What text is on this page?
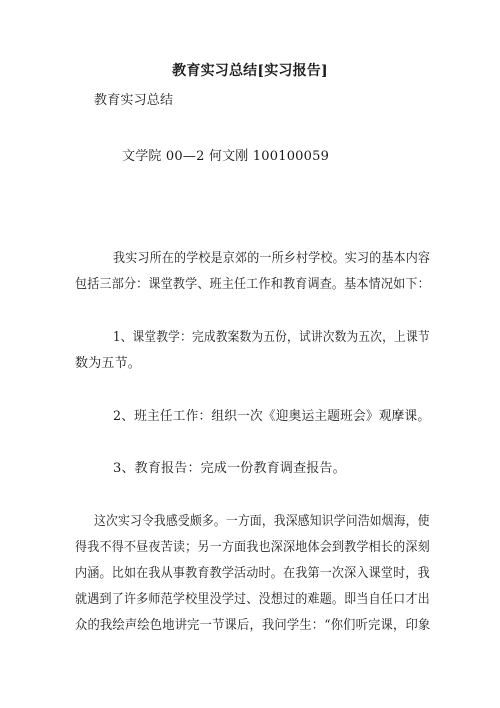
教育实习总结[实习报告]
教育实习总结
文学院 00—2 何文刚 100100059
我实习所在的学校是京郊的一所乡村学校。实习的基本内容
包括三部分：课堂教学、班主任工作和教育调查。基本情况如下：
1、课堂教学：完成教案数为五份，试讲次数为五次，上课节
数为五节。
2、班主任工作：组织一次《迎奥运主题班会》观摩课。
3、教育报告：完成一份教育调查报告。
这次实习令我感受颇多。一方面，我深感知识学问浩如烟海，使
得我不得不昼夜苦读；另一方面我也深深地体会到教学相长的深刻
内涵。比如在我从事教育教学活动时。在我第一次深入课堂时，我
就遇到了许多师范学校里没学过、没想过的难题。即当自任口才出
众的我绘声绘色地讲完一节课后，我问学生：“你们听完课，印象
